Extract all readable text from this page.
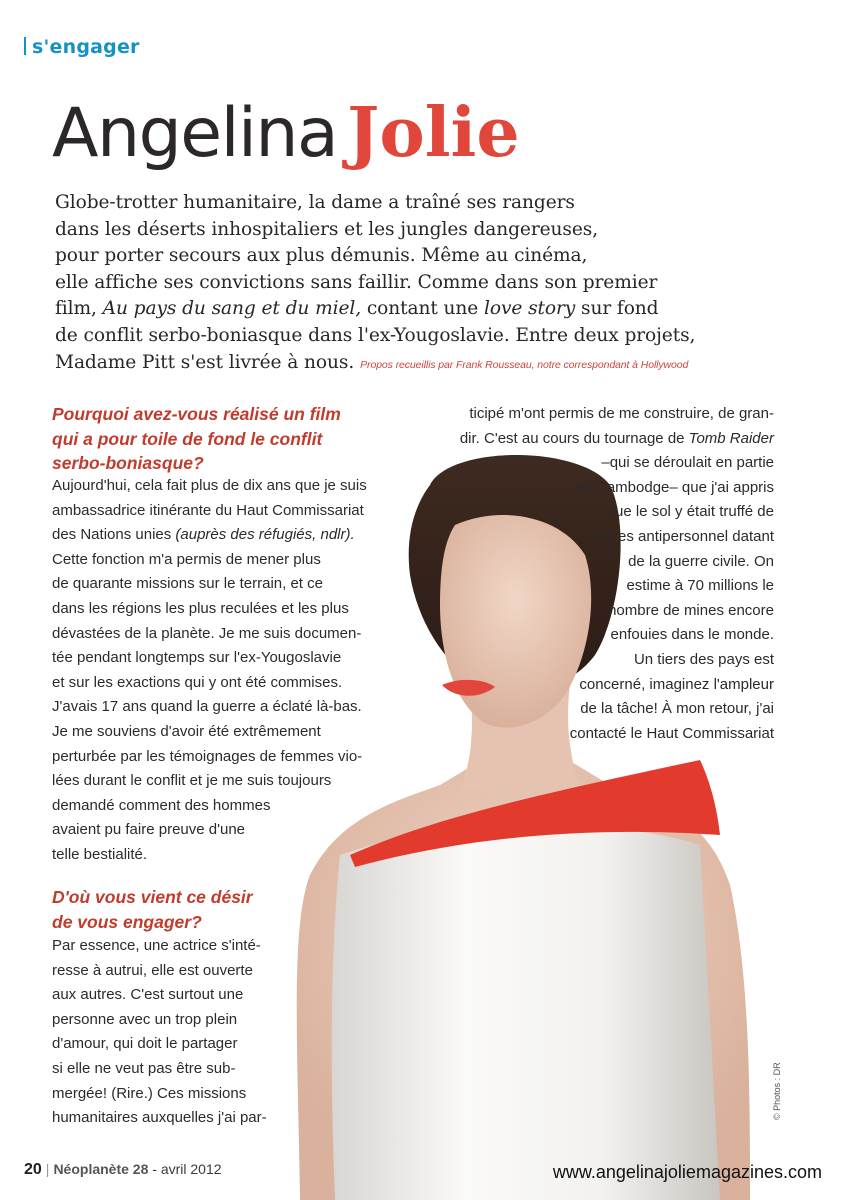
s'engager
Angelina Jolie
Globe-trotter humanitaire, la dame a traîné ses rangers
dans les déserts inhospitaliers et les jungles dangereuses,
pour porter secours aux plus démunis. Même au cinéma,
elle affiche ses convictions sans faillir. Comme dans son premier
film, Au pays du sang et du miel, contant une love story sur fond
de conflit serbo-boniasque dans l'ex-Yougoslavie. Entre deux projets,
Madame Pitt s'est livrée à nous. Propos recueillis par Frank Rousseau, notre correspondant à Hollywood
Pourquoi avez-vous réalisé un film
qui a pour toile de fond le conflit
serbo-boniasque?
Aujourd'hui, cela fait plus de dix ans que je suis
ambassadrice itinérante du Haut Commissariat
des Nations unies (auprès des réfugiés, ndlr).
Cette fonction m'a permis de mener plus
de quarante missions sur le terrain, et ce
dans les régions les plus reculées et les plus
dévastées de la planète. Je me suis documen-
tée pendant longtemps sur l'ex-Yougoslavie
et sur les exactions qui y ont été commises.
J'avais 17 ans quand la guerre a éclaté là-bas.
Je me souviens d'avoir été extrêmement
perturbée par les témoignages de femmes vio-
lées durant le conflit et je me suis toujours
demandé comment des hommes
avaient pu faire preuve d'une
telle bestialité.
D'où vous vient ce désir
de vous engager?
Par essence, une actrice s'inté-
resse à autrui, elle est ouverte
aux autres. C'est surtout une
personne avec un trop plein
d'amour, qui doit le partager
si elle ne veut pas être sub-
mergée! (Rire.) Ces missions
humanitaires auxquelles j'ai par-
ticipé m'ont permis de me construire, de gran-
dir. C'est au cours du tournage de Tomb Raider
–qui se déroulait en partie
au Cambodge– que j'ai appris
que le sol y était truffé de
mines antipersonnel datant
de la guerre civile. On
estime à 70 millions le
nombre de mines encore
enfouies dans le monde.
Un tiers des pays est
concerné, imaginez l'ampleur
de la tâche! À mon retour, j'ai
contacté le Haut Commissariat
© Photos : DR
20 | Néoplanète 28 - avril 2012	www.angelinajoliemagazines.com
